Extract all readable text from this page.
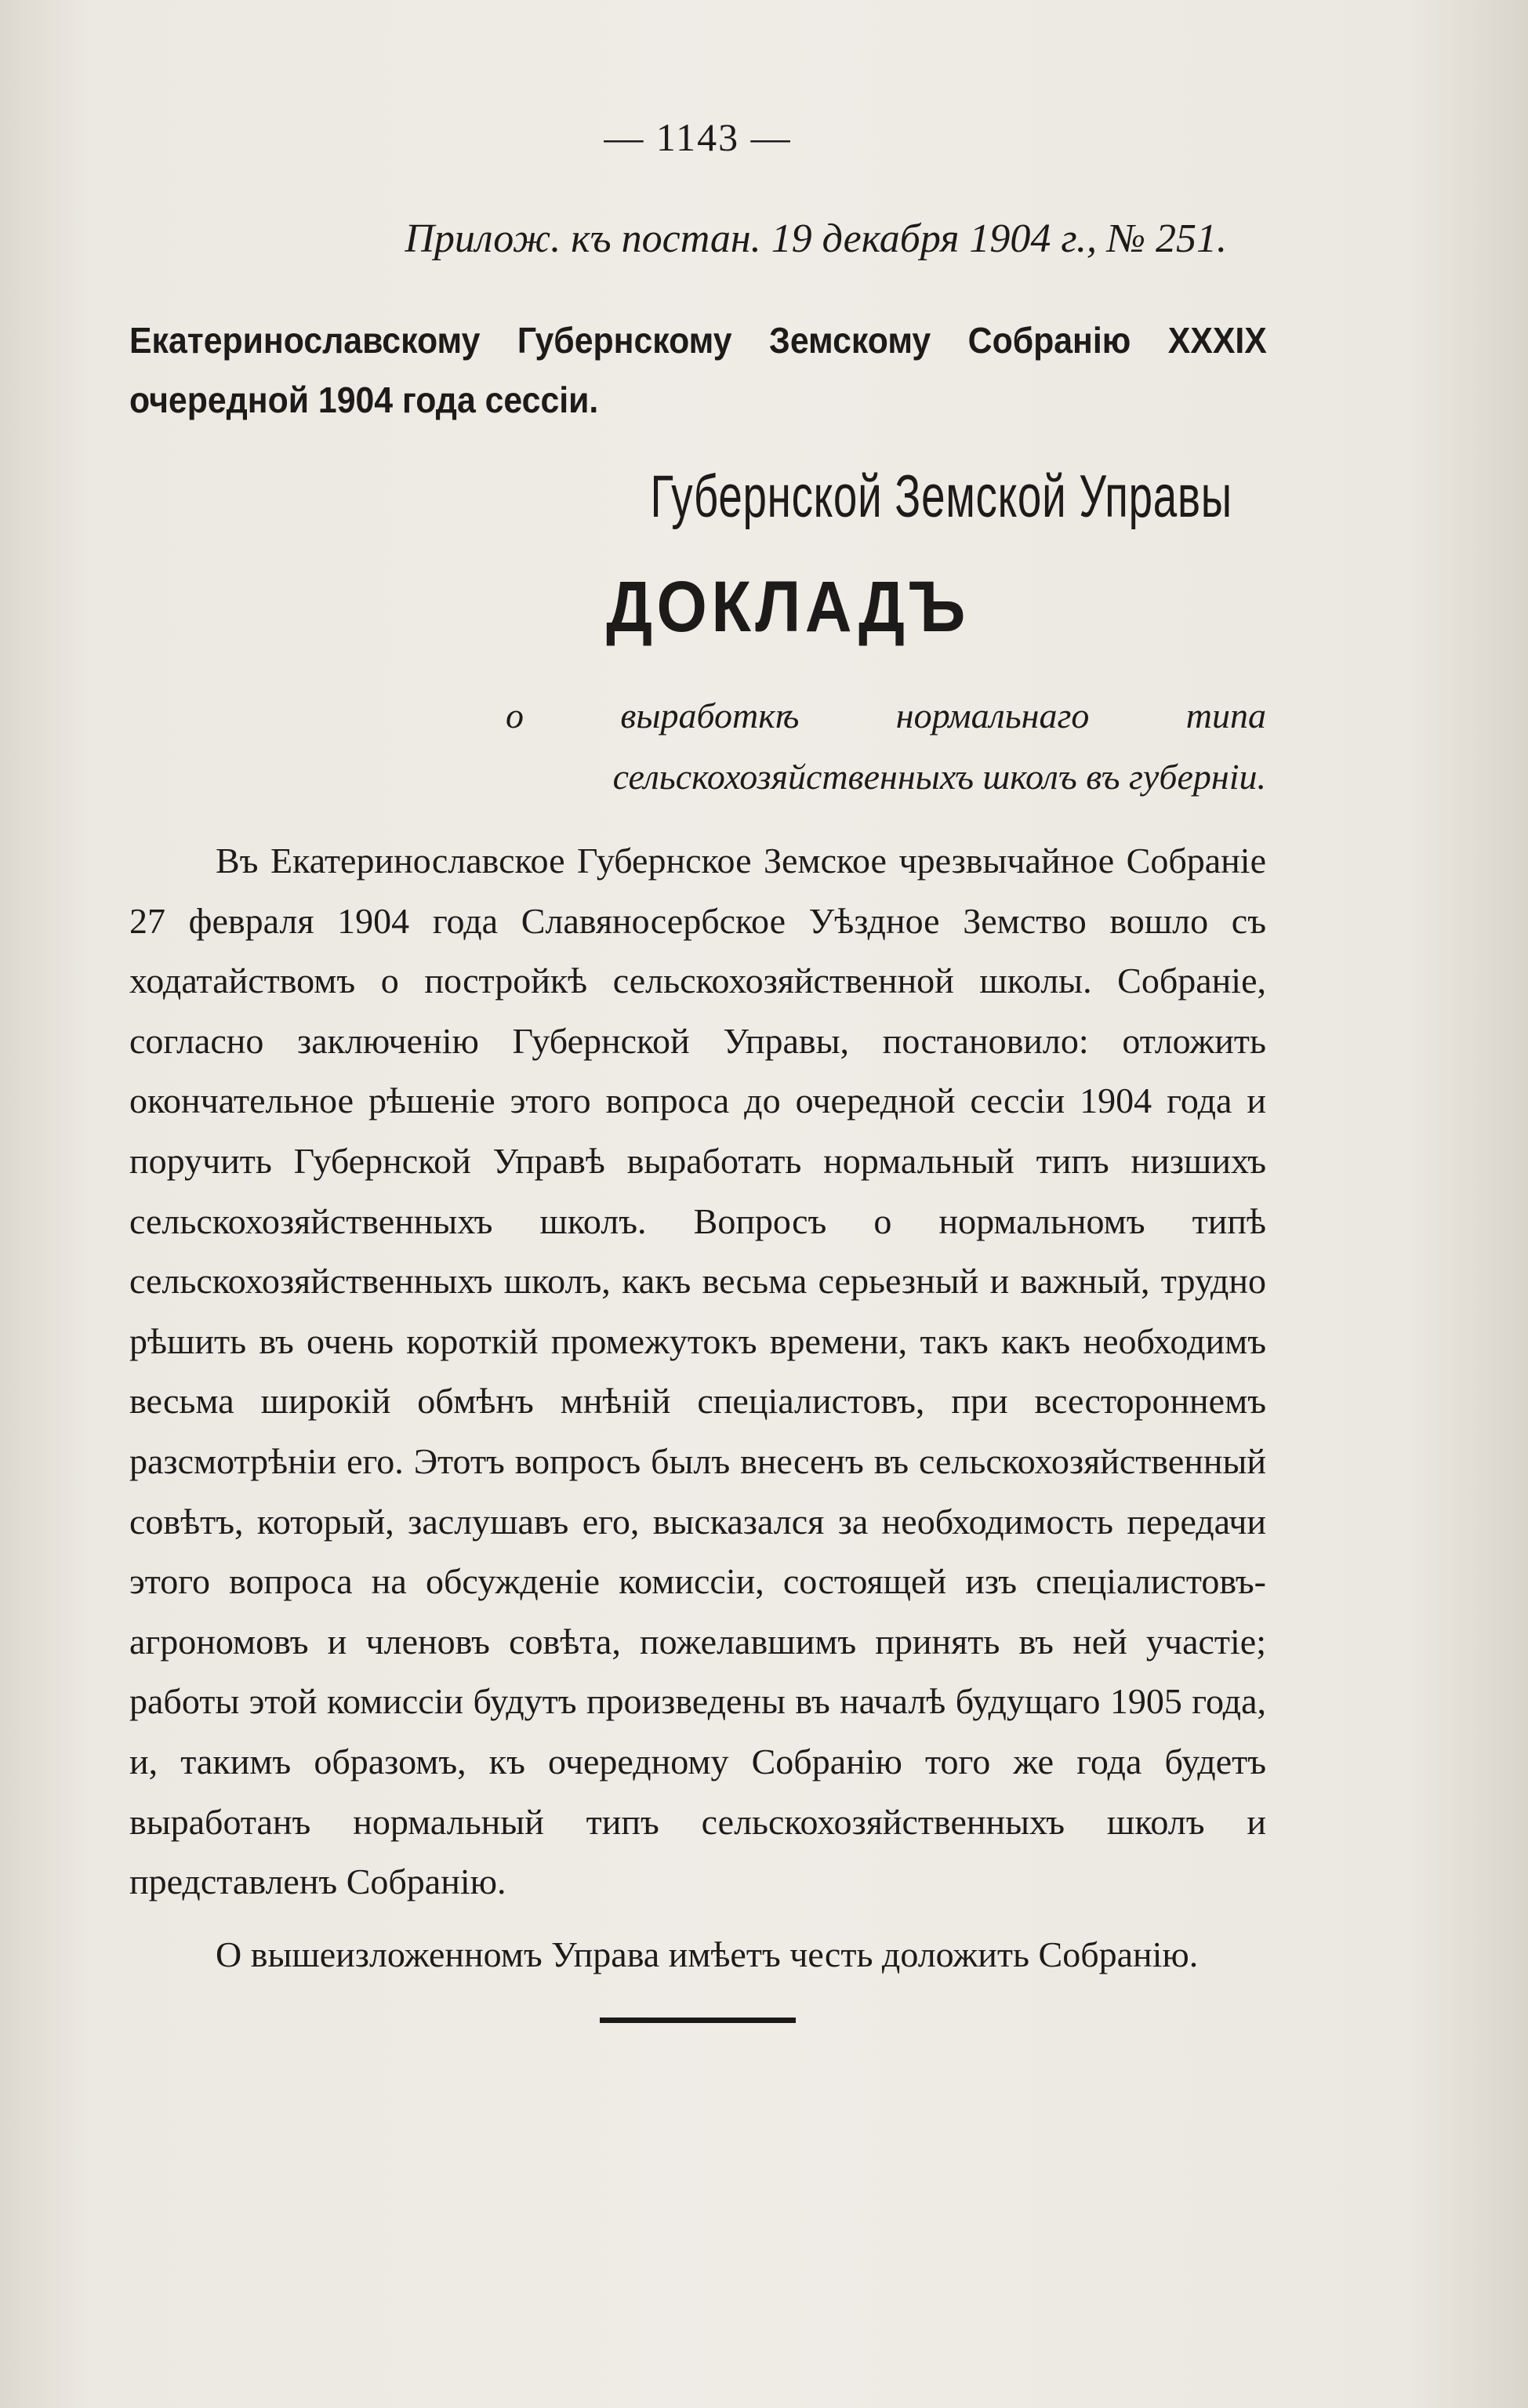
— 1143 —
Прилож. къ постан. 19 декабря 1904 г., № 251.
Екатеринославскому Губернскому Земскому Собранію XXXIX очередной 1904 года сессіи.
Губернской Земской Управы
ДОКЛАДЪ
о выработкѣ нормальнаго типа сельскохозяйственныхъ школъ въ губерніи.

Въ Екатеринославское Губернское Земское чрезвычайное Собраніе 27 февраля 1904 года Славяносербское Уѣздное Земство вошло съ ходатайствомъ о постройкѣ сельскохозяйственной школы. Собраніе, согласно заключенію Губернской Управы, постановило: отложить окончательное рѣшеніе этого вопроса до очередной сессіи 1904 года и поручить Губернской Управѣ выработать нормальный типъ низшихъ сельскохозяйственныхъ школъ. Вопросъ о нормальномъ типѣ сельскохозяйственныхъ школъ, какъ весьма серьезный и важный, трудно рѣшить въ очень короткій промежутокъ времени, такъ какъ необходимъ весьма широкій обмѣнъ мнѣній спеціалистовъ, при всестороннемъ разсмотрѣніи его. Этотъ вопросъ былъ внесенъ въ сельскохозяйственный совѣтъ, который, заслушавъ его, высказался за необходимость передачи этого вопроса на обсужденіе комиссіи, состоящей изъ спеціалистовъ-агрономовъ и членовъ совѣта, пожелавшимъ принять въ ней участіе; работы этой комиссіи будутъ произведены въ началѣ будущаго 1905 года, и, такимъ образомъ, къ очередному Собранію того же года будетъ выработанъ нормальный типъ сельскохозяйственныхъ школъ и представленъ Собранію.

О вышеизложенномъ Управа имѣетъ честь доложить Собранію.
